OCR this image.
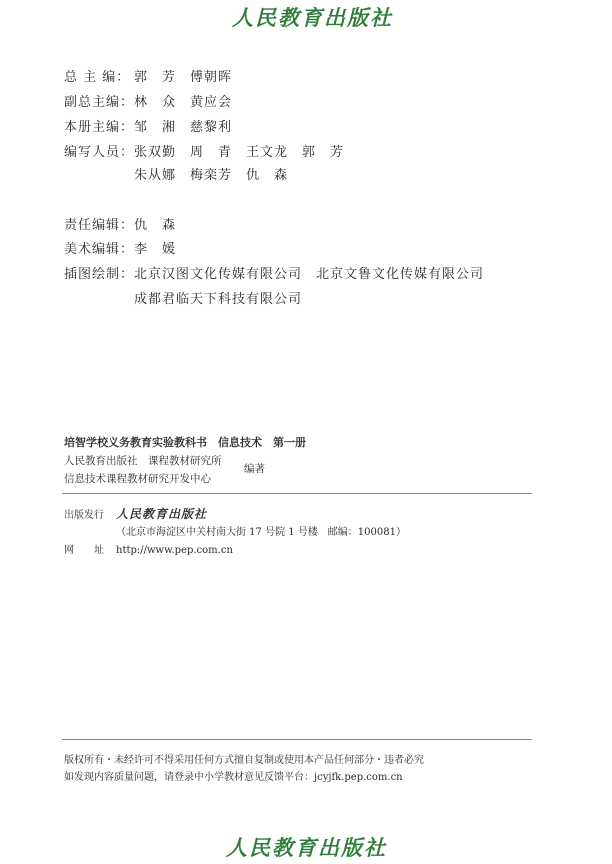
人民教育出版社
总 主 编： 郭　芳 傅朝晖
副总主编：林　众 黄应会
本册主编：邹　湘 慈黎利
编写人员：张双勤 周　青 王文龙 郭　芳
朱从娜 梅栾芳 仇　森
责任编辑：仇　森
美术编辑：李　媛
插图绘制：北京汉图文化传媒有限公司 北京文鲁文化传媒有限公司
成都君临天下科技有限公司
培智学校义务教育实验教科书　信息技术　第一册
人民教育出版社　课程教材研究所
信息技术课程教材研究开发中心
编著
出版发行 人民教育出版社
（北京市海淀区中关村南大街 17 号院 1 号楼　邮编：100081）
网　　址 http://www.pep.com.cn
版权所有・未经许可不得采用任何方式擅自复制或使用本产品任何部分・违者必究
如发现内容质量问题，请登录中小学教材意见反馈平台：jcyjfk.pep.com.cn
人民教育出版社
